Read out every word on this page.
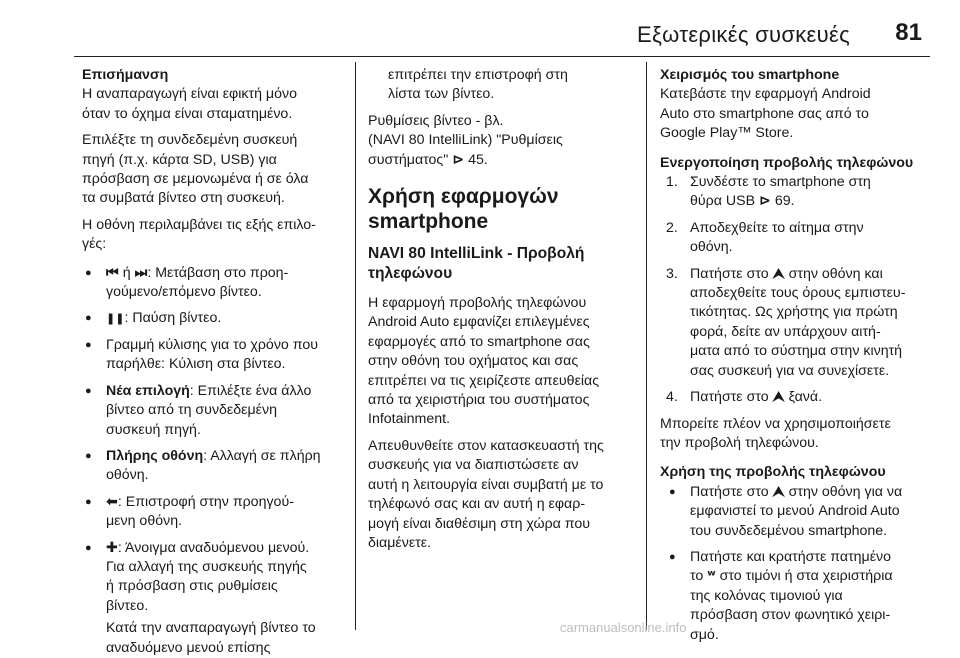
Εξωτερικές συσκευές 81
Επισήμανση
Η αναπαραγωγή είναι εφικτή μόνο
όταν το όχημα είναι σταματημένο.

Επιλέξτε τη συνδεδεμένη συσκευή
πηγή (π.χ. κάρτα SD, USB) για
πρόσβαση σε μεμονωμένα ή σε όλα
τα συμβατά βίντεο στη συσκευή.

Η οθόνη περιλαμβάνει τις εξής επιλο-
γές:

● ⏮ ή ⏭: Μετάβαση στο προη-
γούμενο/επόμενο βίντεο.
● ❚❚: Παύση βίντεο.
● Γραμμή κύλισης για το χρόνο που
παρήλθε: Κύλιση στα βίντεο.
● Νέα επιλογή: Επιλέξτε ένα άλλο
βίντεο από τη συνδεδεμένη
συσκευή πηγή.
● Πλήρης οθόνη: Αλλαγή σε πλήρη
οθόνη.
● ⬅: Επιστροφή στην προηγού-
μενη οθόνη.
● ✚: Άνοιγμα αναδυόμενου μενού.
Για αλλαγή της συσκευής πηγής
ή πρόσβαση στις ρυθμίσεις
βίντεο.
Κατά την αναπαραγωγή βίντεο το
αναδυόμενο μενού επίσης
επιτρέπει την επιστροφή στη
λίστα των βίντεο.

Ρυθμίσεις βίντεο - βλ.
(NAVI 80 IntelliLink) "Ρυθμίσεις
συστήματος" ⊳ 45.

Χρήση εφαρμογών
smartphone
NAVI 80 IntelliLink - Προβολή
τηλεφώνου

Η εφαρμογή προβολής τηλεφώνου
Android Auto εμφανίζει επιλεγμένες
εφαρμογές από το smartphone σας
στην οθόνη του οχήματος και σας
επιτρέπει να τις χειρίζεστε απευθείας
από τα χειριστήρια του συστήματος
Infotainment.

Απευθυνθείτε στον κατασκευαστή της
συσκευής για να διαπιστώσετε αν
αυτή η λειτουργία είναι συμβατή με το
τηλέφωνό σας και αν αυτή η εφαρ-
μογή είναι διαθέσιμη στη χώρα που
διαμένετε.

Χειρισμός του smartphone
Κατεβάστε την εφαρμογή Android
Auto στο smartphone σας από το
Google Play™ Store.

Ενεργοποίηση προβολής τηλεφώνου
1. Συνδέστε το smartphone στη
θύρα USB ⊳ 69.
2. Αποδεχθείτε το αίτημα στην
οθόνη.
3. Πατήστε στο ⮝ στην οθόνη και
αποδεχθείτε τους όρους εμπιστευ-
τικότητας. Ως χρήστης για πρώτη
φορά, δείτε αν υπάρχουν αιτή-
ματα από το σύστημα στην κινητή
σας συσκευή για να συνεχίσετε.
4. Πατήστε στο ⮝ ξανά.

Μπορείτε πλέον να χρησιμοποιήσετε
την προβολή τηλεφώνου.

Χρήση της προβολής τηλεφώνου
● Πατήστε στο ⮝ στην οθόνη για να
εμφανιστεί το μενού Android Auto
του συνδεδεμένου smartphone.
● Πατήστε και κρατήστε πατημένο
το ʷ στο τιμόνι ή στα χειριστήρια
της κολόνας τιμονιού για
πρόσβαση στον φωνητικό χειρι-
σμό.
carmanualsonline.info
